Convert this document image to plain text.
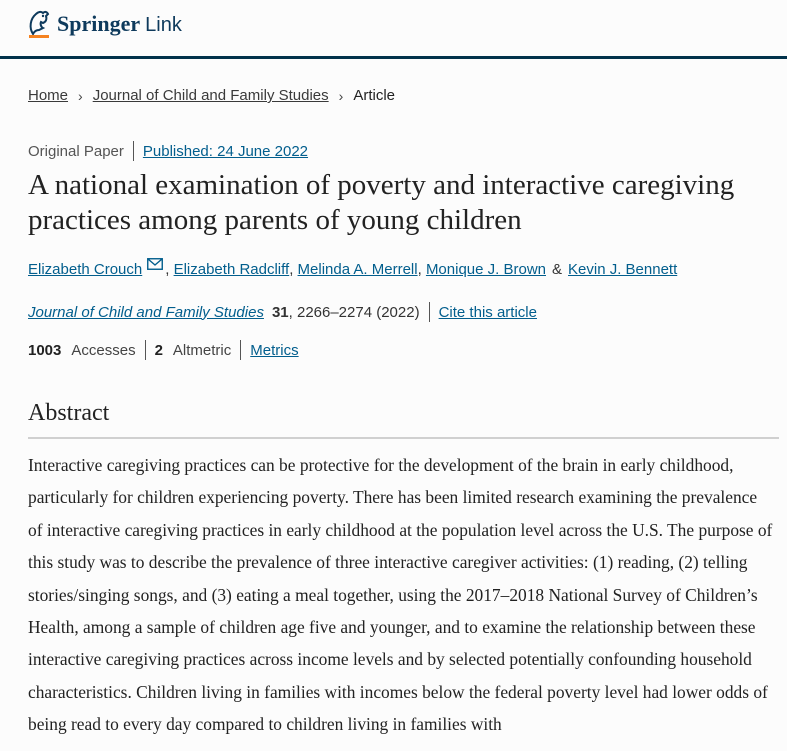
Springer Link
Home › Journal of Child and Family Studies › Article
Original Paper Published: 24 June 2022
A national examination of poverty and interactive caregiving practices among parents of young children
Elizabeth Crouch , Elizabeth Radcliff , Melinda A. Merrell , Monique J. Brown & Kevin J. Bennett
Journal of Child and Family Studies 31 , 2266–2274 (2022) Cite this article
1003 Accesses 2 Altmetric Metrics
Abstract

Interactive caregiving practices can be protective for the development of the brain in early childhood, particularly for children experiencing poverty. There has been limited research examining the prevalence of interactive caregiving practices in early childhood at the population level across the U.S. The purpose of this study was to describe the prevalence of three interactive caregiver activities: (1) reading, (2) telling stories/singing songs, and (3) eating a meal together, using the 2017–2018 National Survey of Children’s Health, among a sample of children age five and younger, and to examine the relationship between these interactive caregiving practices across income levels and by selected potentially confounding household characteristics. Children living in families with incomes below the federal poverty level had lower odds of being read to every day compared to children living in families with
